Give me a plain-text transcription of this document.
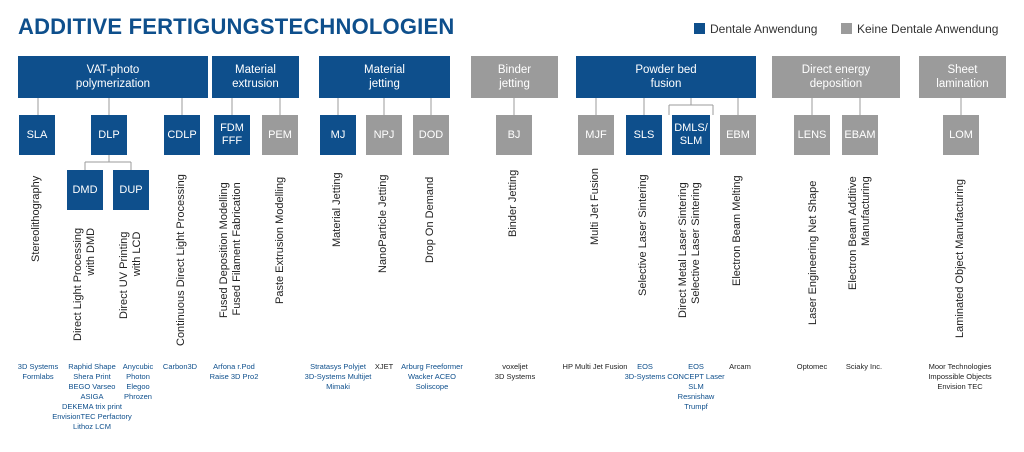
ADDITIVE FERTIGUNGSTECHNOLOGIEN	Dentale Anwendung	Keine Dentale Anwendung
VAT-photo
polymerization
Material
extrusion
Material
jetting
Binder
jetting
Powder bed
fusion
Direct energy
deposition
Sheet
lamination
SLA	DLP
DMD	DUP
CDLP
FDM
FFF
PEM	MJ	NPJ	DOD	BJ	MJF	SLS
DMLS/
SLM
EBM	LENS	EBAM	LOM
Stereolithography
Direct Light Processing
with DMD
Direct UV Printing
with LCD	Continuous Direct Light Processing	Fused Deposition Modelling
Fused Filament Fabrication	Paste Extrusion Modelling	Material Jetting	NanoParticle Jetting	Drop On Demand	Binder Jetting	Multi Jet Fusion	Selective Laser Sintering
Direct Metal Laser Sintering
Selective Laser Sintering	Electron Beam Melting	Laser Engineering Net Shape	Electron Beam Additive
Manufacturing	Laminated Object Manufacturing
3D Systems
Formlabs
Raphid Shape
Shera Print
BEGO Varseo
ASIGA
DEKEMA trix print
EnvisionTEC Perfactory
Lithoz LCM
Anycubic
Photon
Elegoo
Phrozen
Carbon3D	Arfona r.Pod
Raise 3D Pro2
Stratasys Polyjet
3D-Systems Multijet
Mimaki
XJET Arburg Freeformer
Wacker ACEO
Soliscope
voxeljet
3D Systems
HP Multi Jet Fusion	EOS
3D-Systems
EOS
CONCEPT Laser
SLM
Resnishaw
Trumpf
Arcam	Optomec Sciaky Inc.	Moor Technologies
Impossible Objects
Envision TEC
